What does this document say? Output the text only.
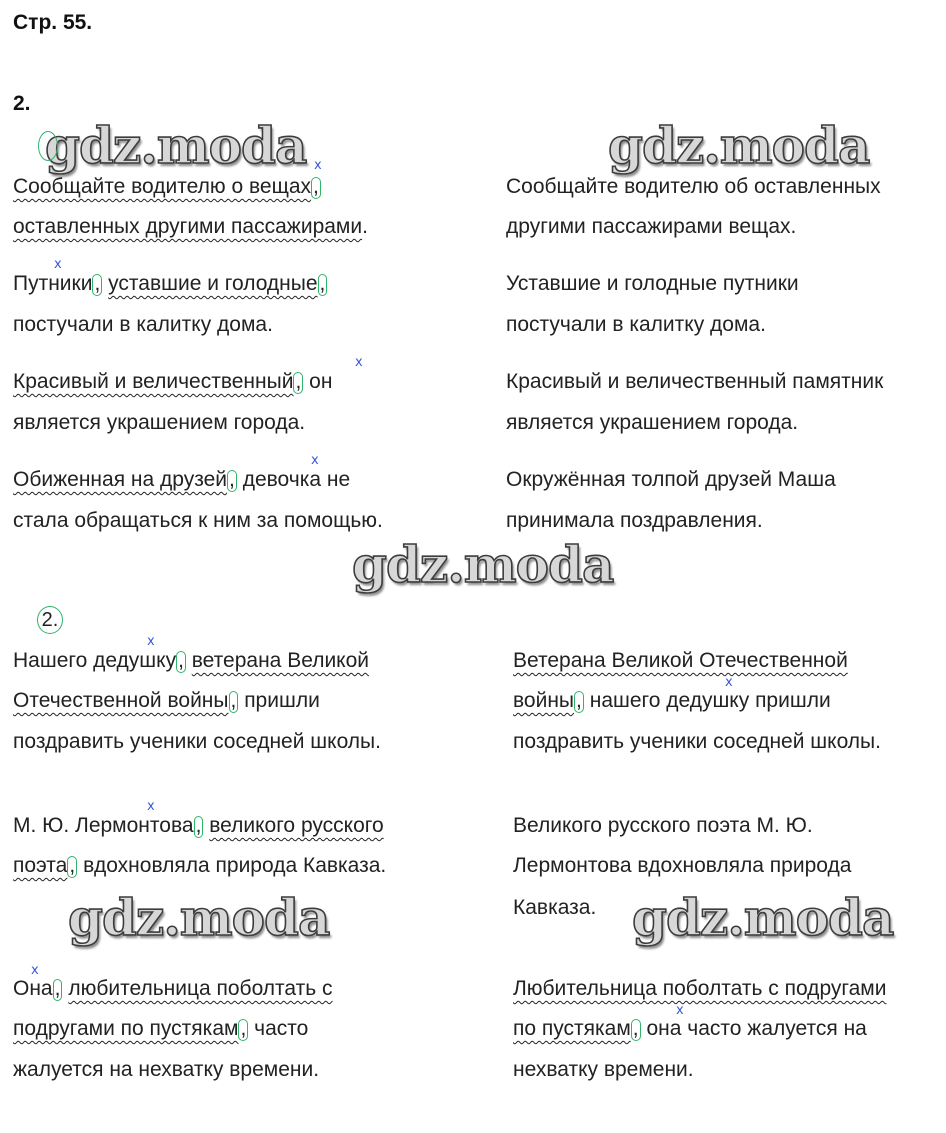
Стр. 55.
2.
gdz.moda	gdz.moda
gdz.moda
gdz.moda	gdz.moda
Сообщайте водителю о вещах,
x
оставленных другими пассажирами.
x
Путники, уставшие и голодные,
постучали в калитку дома.
x
Красивый и величественный, он
является украшением города.
x
Обиженная на друзей, девочка не
стала обращаться к ним за помощью.
Сообщайте водителю об оставленных
другими пассажирами вещах.
Уставшие и голодные путники
постучали в калитку дома.
Красивый и величественный памятник
является украшением города.
Окружённая толпой друзей Маша
принимала поздравления.
2.
x
Нашего дедушку, ветерана Великой
Отечественной войны, пришли
поздравить ученики соседней школы.
x
М. Ю. Лермонтова, великого русского
поэта, вдохновляла природа Кавказа.
x
Она, любительница поболтать с
подругами по пустякам, часто
жалуется на нехватку времени.
Ветерана Великой Отечественной
x
войны, нашего дедушку пришли
поздравить ученики соседней школы.
Великого русского поэта М. Ю.
Лермонтова вдохновляла природа
Кавказа.
Любительница поболтать с подругами
x
по пустякам, она часто жалуется на
нехватку времени.
